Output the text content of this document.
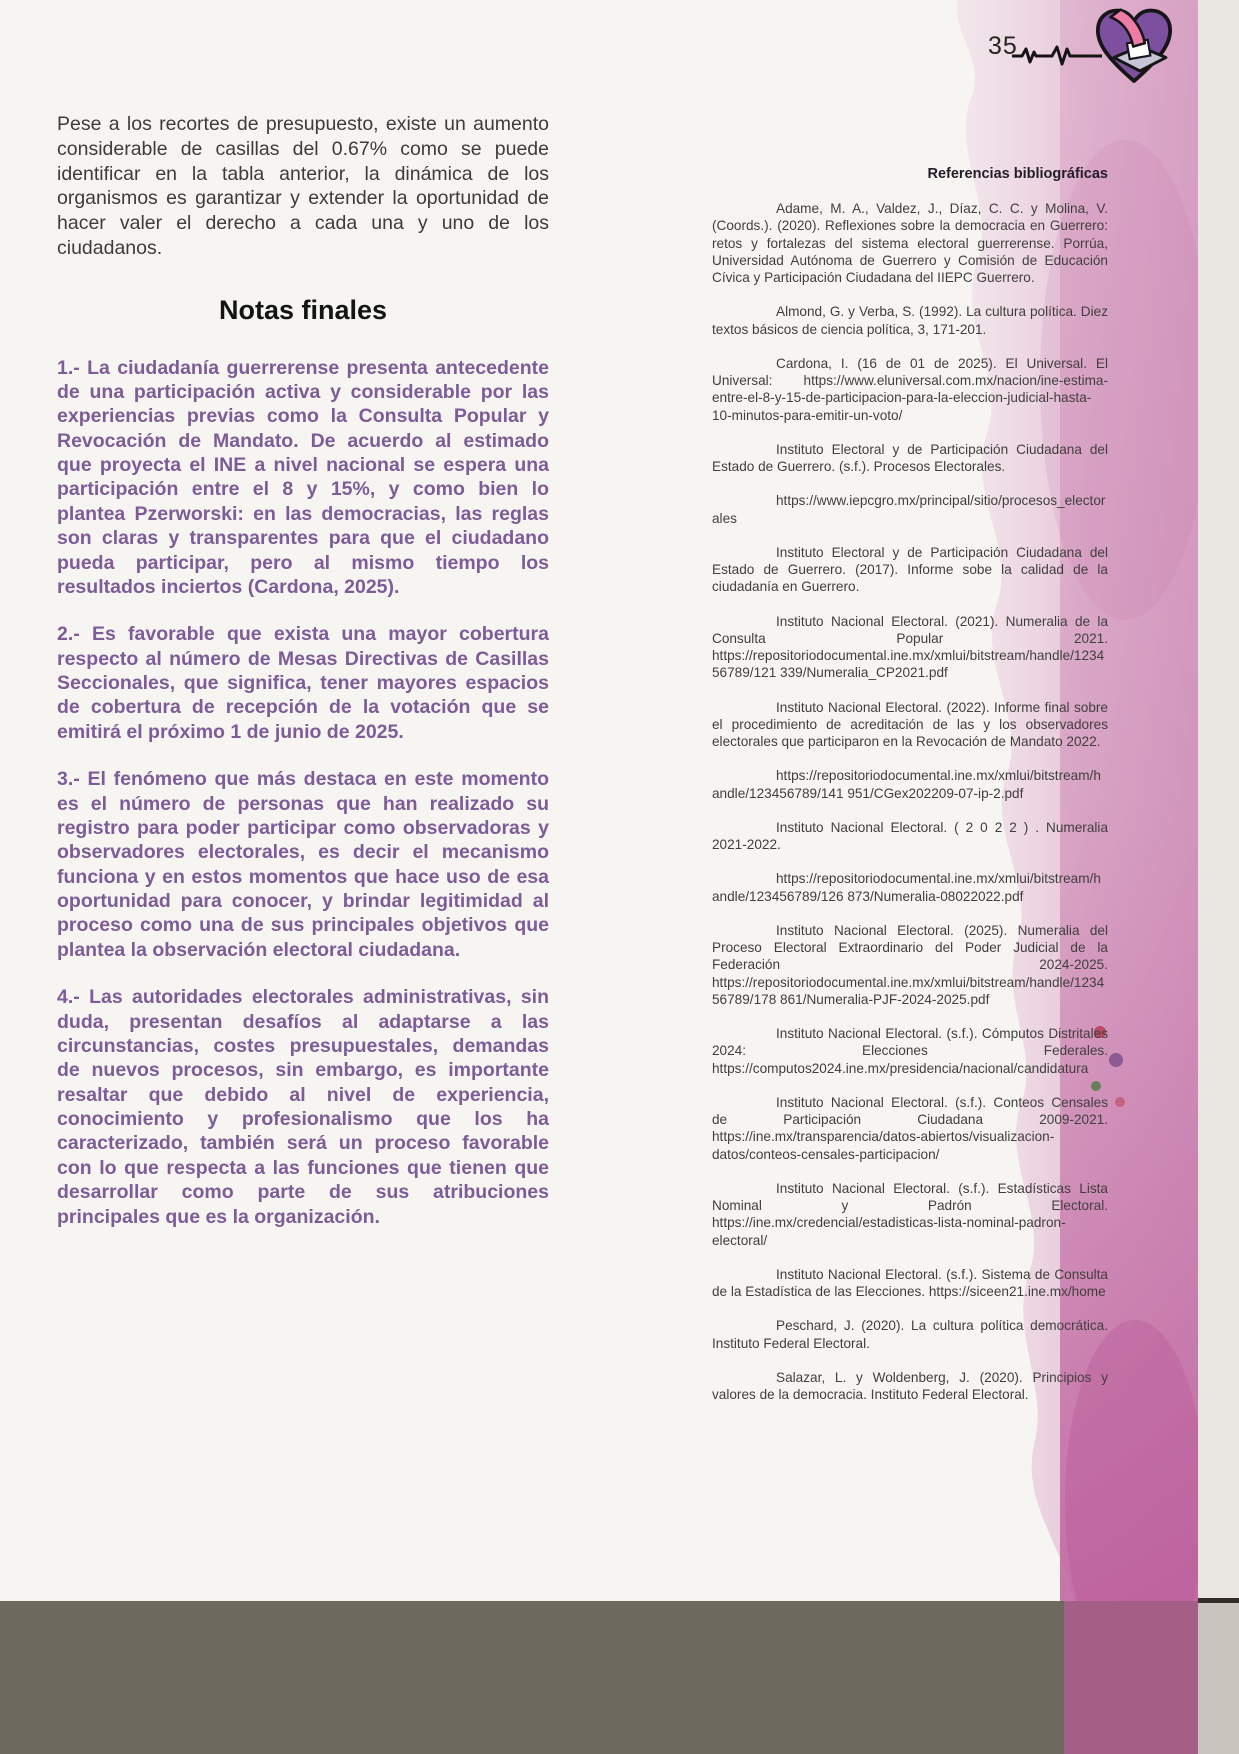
35

Pese a los recortes de presupuesto, existe un aumento considerable de casillas del 0.67% como se puede identificar en la tabla anterior, la dinámica de los organismos es garantizar y extender la oportunidad de hacer valer el derecho a cada una y uno de los ciudadanos.

Notas finales

1.- La ciudadanía guerrerense presenta antecedente de una participación activa y considerable por las experiencias previas como la Consulta Popular y Revocación de Mandato. De acuerdo al estimado que proyecta el INE a nivel nacional se espera una participación entre el 8 y 15%, y como bien lo plantea Pzerworski: en las democracias, las reglas son claras y transparentes para que el ciudadano pueda participar, pero al mismo tiempo los resultados inciertos (Cardona, 2025).

2.- Es favorable que exista una mayor cobertura respecto al número de Mesas Directivas de Casillas Seccionales, que significa, tener mayores espacios de cobertura de recepción de la votación que se emitirá el próximo 1 de junio de 2025.

3.- El fenómeno que más destaca en este momento es el número de personas que han realizado su registro para poder participar como observadoras y observadores electorales, es decir el mecanismo funciona y en estos momentos que hace uso de esa oportunidad para conocer, y brindar legitimidad al proceso como una de sus principales objetivos que plantea la observación electoral ciudadana.

4.- Las autoridades electorales administrativas, sin duda, presentan desafíos al adaptarse a las circunstancias, costes presupuestales, demandas de nuevos procesos, sin embargo, es importante resaltar que debido al nivel de experiencia, conocimiento y profesionalismo que los ha caracterizado, también será un proceso favorable con lo que respecta a las funciones que tienen que desarrollar como parte de sus atribuciones principales que es la organización.

Referencias bibliográficas

Adame, M. A., Valdez, J., Díaz, C. C. y Molina, V. (Coords.). (2020). Reflexiones sobre la democracia en Guerrero: retos y fortalezas del sistema electoral guerrerense. Porrúa, Universidad Autónoma de Guerrero y Comisión de Educación Cívica y Participación Ciudadana del IIEPC Guerrero.

Almond, G. y Verba, S. (1992). La cultura política. Diez textos básicos de ciencia política, 3, 171-201.

Cardona, I. (16 de 01 de 2025). El Universal. El Universal: https://www.eluniversal.com.mx/nacion/ine-estima-entre-el-8-y-15-de-participacion-para-la-eleccion-judicial-hasta-10-minutos-para-emitir-un-voto/

Instituto Electoral y de Participación Ciudadana del Estado de Guerrero. (s.f.). Procesos Electorales.

https://www.iepcgro.mx/principal/sitio/procesos_electorales

Instituto Electoral y de Participación Ciudadana del Estado de Guerrero. (2017). Informe sobe la calidad de la ciudadanía en Guerrero.

Instituto Nacional Electoral. (2021). Numeralia de la Consulta Popular 2021. https://repositoriodocumental.ine.mx/xmlui/bitstream/handle/123456789/121 339/Numeralia_CP2021.pdf

Instituto Nacional Electoral. (2022). Informe final sobre el procedimiento de acreditación de las y los observadores electorales que participaron en la Revocación de Mandato 2022.

https://repositoriodocumental.ine.mx/xmlui/bitstream/handle/123456789/141 951/CGex202209-07-ip-2.pdf

Instituto Nacional Electoral. ( 2 0 2 2 ) . Numeralia 2021-2022.

https://repositoriodocumental.ine.mx/xmlui/bitstream/handle/123456789/126 873/Numeralia-08022022.pdf

Instituto Nacional Electoral. (2025). Numeralia del Proceso Electoral Extraordinario del Poder Judicial de la Federación 2024-2025. https://repositoriodocumental.ine.mx/xmlui/bitstream/handle/123456789/178 861/Numeralia-PJF-2024-2025.pdf

Instituto Nacional Electoral. (s.f.). Cómputos Distritales 2024: Elecciones Federales. https://computos2024.ine.mx/presidencia/nacional/candidatura

Instituto Nacional Electoral. (s.f.). Conteos Censales de Participación Ciudadana 2009-2021. https://ine.mx/transparencia/datos-abiertos/visualizacion-datos/conteos-censales-participacion/

Instituto Nacional Electoral. (s.f.). Estadísticas Lista Nominal y Padrón Electoral. https://ine.mx/credencial/estadisticas-lista-nominal-padron- electoral/

Instituto Nacional Electoral. (s.f.). Sistema de Consulta de la Estadística de las Elecciones. https://siceen21.ine.mx/home

Peschard, J. (2020). La cultura política democrática. Instituto Federal Electoral.

Salazar, L. y Woldenberg, J. (2020). Principios y valores de la democracia. Instituto Federal Electoral.
